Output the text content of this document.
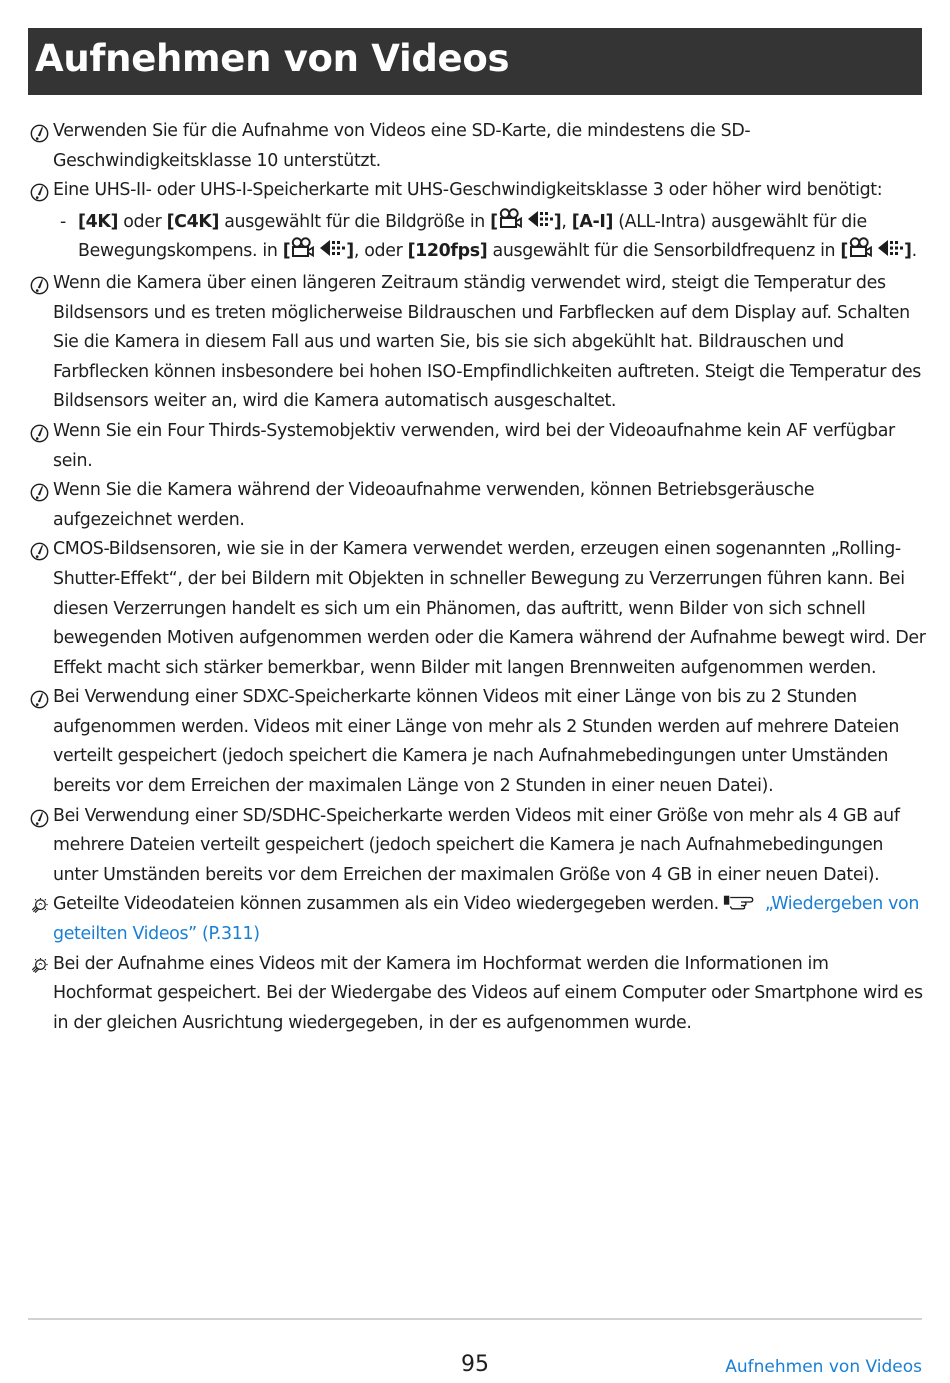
Aufnehmen von Videos

Verwenden Sie für die Aufnahme von Videos eine SD-Karte, die mindestens die SD-Geschwindigkeitsklasse 10 unterstützt.

Eine UHS-II- oder UHS-I-Speicherkarte mit UHS-Geschwindigkeitsklasse 3 oder höher wird benötigt:

- [4K] oder [C4K] ausgewählt für die Bildgröße in [	], [A-I] (ALL-Intra) ausgewählt für die Bewegungskompens. in [	], oder [120fps] ausgewählt für die Sensorbildfrequenz in [	].

Wenn die Kamera über einen längeren Zeitraum ständig verwendet wird, steigt die Temperatur des Bildsensors und es treten möglicherweise Bildrauschen und Farbflecken auf dem Display auf. Schalten Sie die Kamera in diesem Fall aus und warten Sie, bis sie sich abgekühlt hat. Bildrauschen und Farbflecken können insbesondere bei hohen ISO-Empfindlichkeiten auftreten. Steigt die Temperatur des Bildsensors weiter an, wird die Kamera automatisch ausgeschaltet.

Wenn Sie ein Four Thirds-Systemobjektiv verwenden, wird bei der Videoaufnahme kein AF verfügbar sein.

Wenn Sie die Kamera während der Videoaufnahme verwenden, können Betriebsgeräusche aufgezeichnet werden.

CMOS-Bildsensoren, wie sie in der Kamera verwendet werden, erzeugen einen sogenannten „Rolling-Shutter-Effekt“, der bei Bildern mit Objekten in schneller Bewegung zu Verzerrungen führen kann. Bei diesen Verzerrungen handelt es sich um ein Phänomen, das auftritt, wenn Bilder von sich schnell bewegenden Motiven aufgenommen werden oder die Kamera während der Aufnahme bewegt wird. Der Effekt macht sich stärker bemerkbar, wenn Bilder mit langen Brennweiten aufgenommen werden.

Bei Verwendung einer SDXC-Speicherkarte können Videos mit einer Länge von bis zu 2 Stunden aufgenommen werden. Videos mit einer Länge von mehr als 2 Stunden werden auf mehrere Dateien verteilt gespeichert (jedoch speichert die Kamera je nach Aufnahmebedingungen unter Umständen bereits vor dem Erreichen der maximalen Länge von 2 Stunden in einer neuen Datei).

Bei Verwendung einer SD/SDHC-Speicherkarte werden Videos mit einer Größe von mehr als 4 GB auf mehrere Dateien verteilt gespeichert (jedoch speichert die Kamera je nach Aufnahmebedingungen unter Umständen bereits vor dem Erreichen der maximalen Größe von 4 GB in einer neuen Datei).

Geteilte Videodateien können zusammen als ein Video wiedergegeben werden.	„Wiedergeben von geteilten Videos” (P.311)

Bei der Aufnahme eines Videos mit der Kamera im Hochformat werden die Informationen im Hochformat gespeichert. Bei der Wiedergabe des Videos auf einem Computer oder Smartphone wird es in der gleichen Ausrichtung wiedergegeben, in der es aufgenommen wurde.

95	Aufnehmen von Videos
